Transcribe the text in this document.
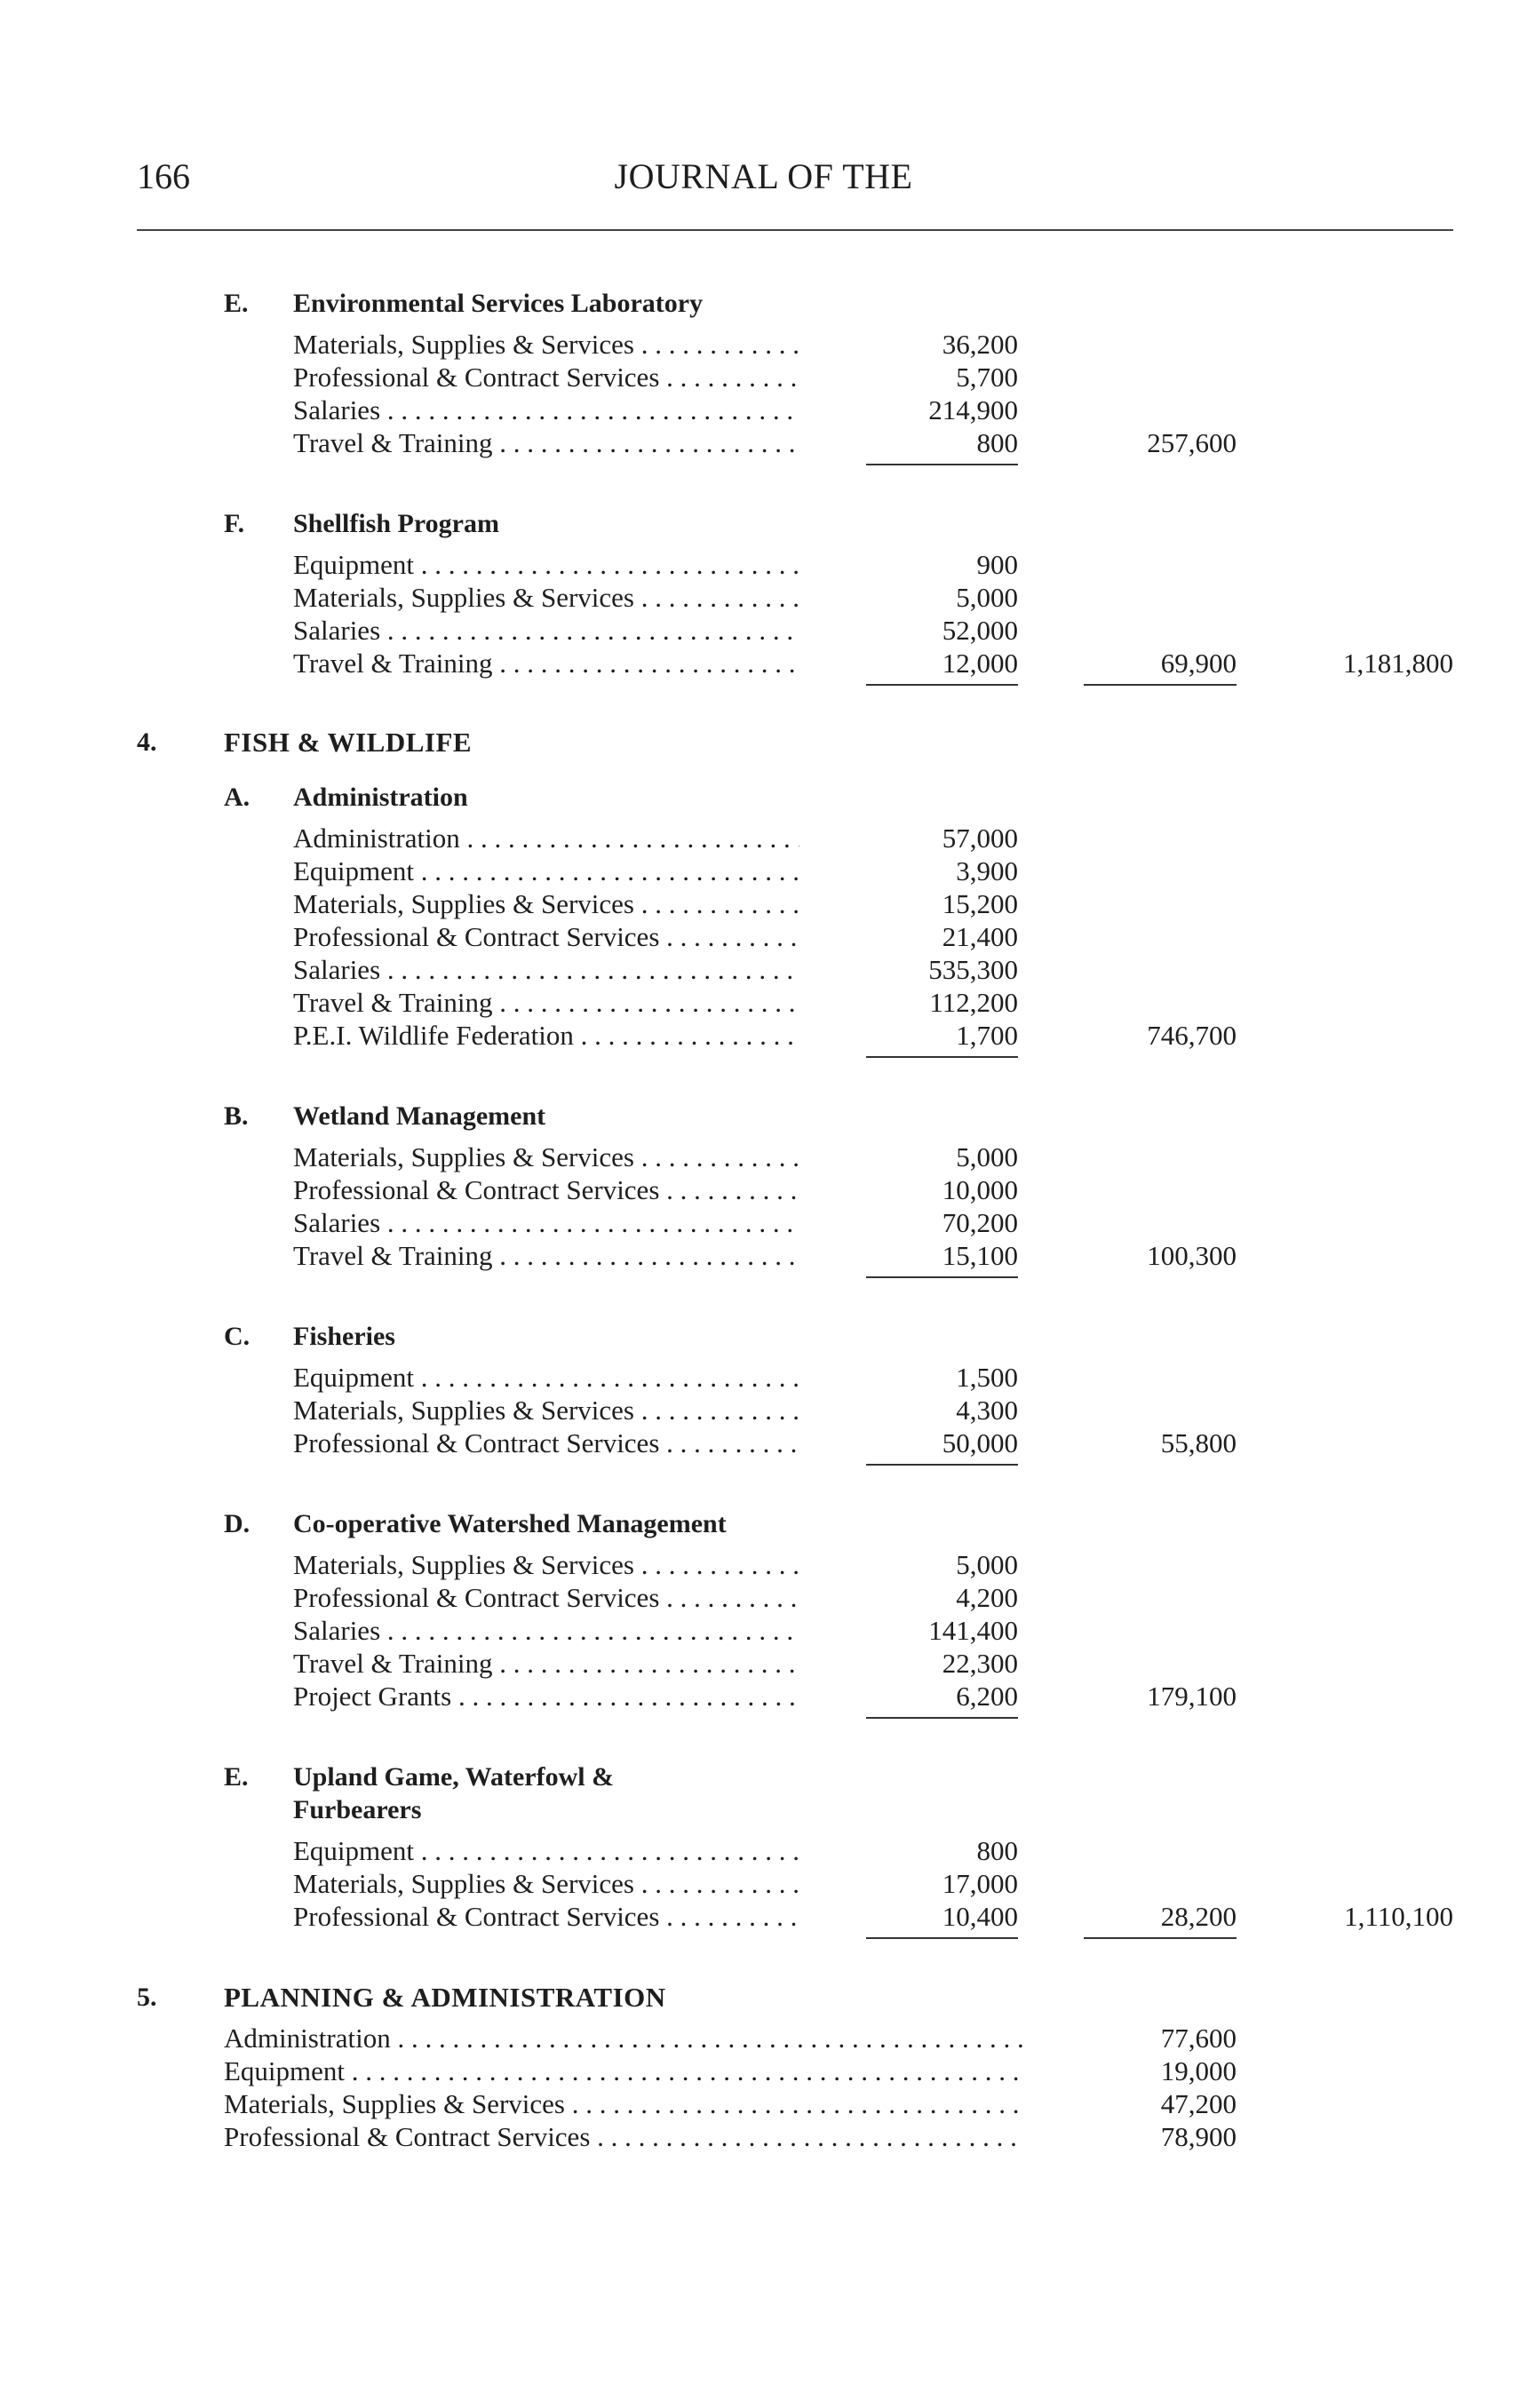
166	JOURNAL OF THE
E. Environmental Services Laboratory
Materials, Supplies & Services . . .	36,200
Professional & Contract Services . . .	5,700
Salaries . . .	214,900
Travel & Training . . .	800	257,600
F. Shellfish Program
Equipment . . .	900
Materials, Supplies & Services . . .	5,000
Salaries . . .	52,000
Travel & Training . . .	12,000	69,900	1,181,800
4. FISH & WILDLIFE
A. Administration
Administration . . .	57,000
Equipment . . .	3,900
Materials, Supplies & Services . . .	15,200
Professional & Contract Services . . .	21,400
Salaries . . .	535,300
Travel & Training . . .	112,200
P.E.I. Wildlife Federation . . .	1,700	746,700
B. Wetland Management
Materials, Supplies & Services . . .	5,000
Professional & Contract Services . . .	10,000
Salaries . . .	70,200
Travel & Training . . .	15,100	100,300
C. Fisheries
Equipment . . .	1,500
Materials, Supplies & Services . . .	4,300
Professional & Contract Services . . .	50,000	55,800
D. Co-operative Watershed Management
Materials, Supplies & Services . . .	5,000
Professional & Contract Services . . .	4,200
Salaries . . .	141,400
Travel & Training . . .	22,300
Project Grants . . .	6,200	179,100
E. Upland Game, Waterfowl &
Furbearers
Equipment . . .	800
Materials, Supplies & Services . . .	17,000
Professional & Contract Services . . .	10,400	28,200	1,110,100
5. PLANNING & ADMINISTRATION
Administration . . .	77,600
Equipment . . .	19,000
Materials, Supplies & Services . . .	47,200
Professional & Contract Services . . .	78,900
